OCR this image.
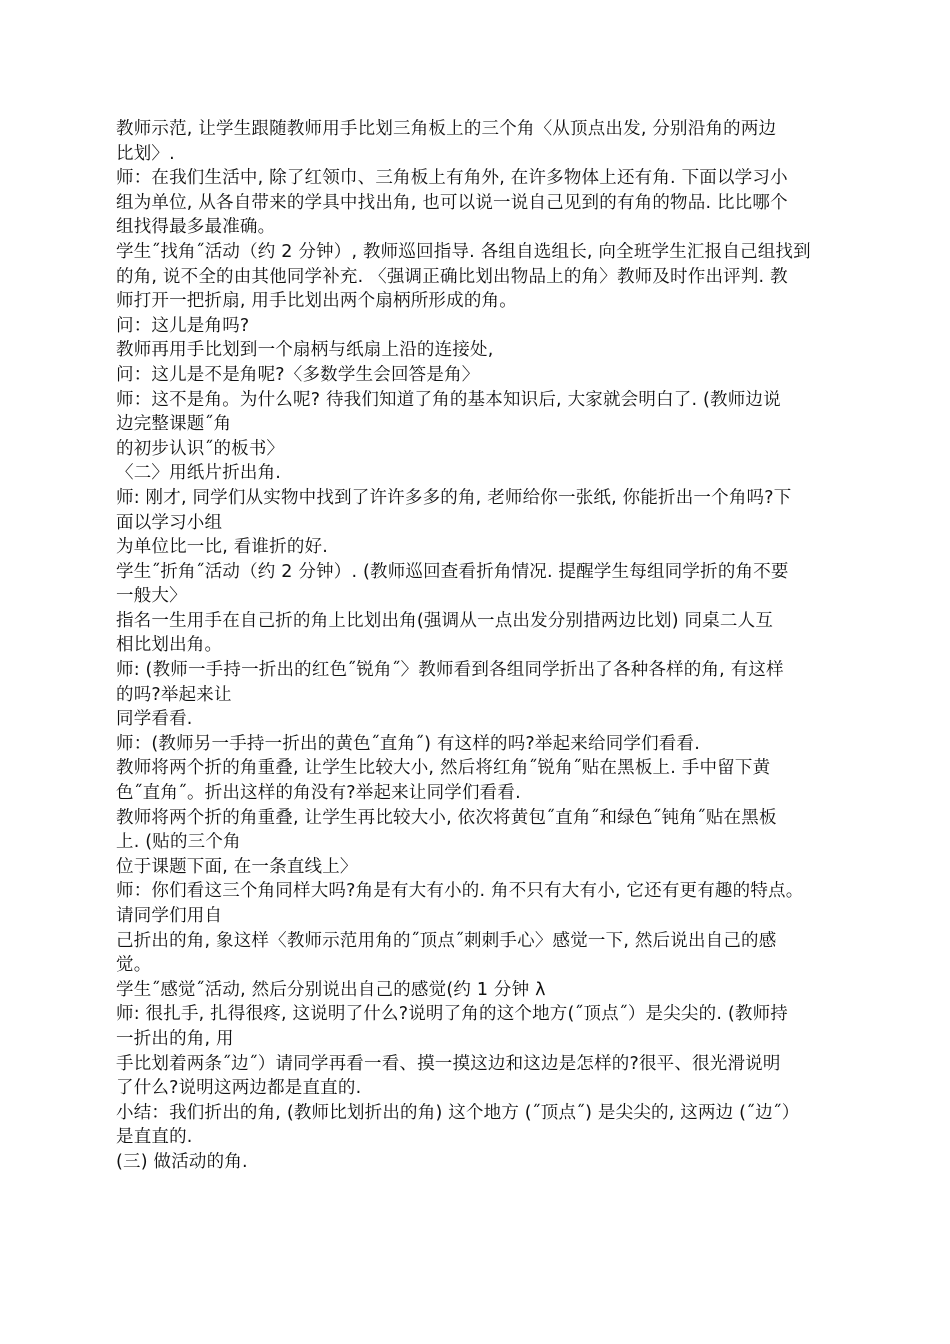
教师示范, 让学生跟随教师用手比划三角板上的三个角〈从顶点出发, 分别沿角的两边
比划〉.
师：在我们生活中, 除了红领巾、三角板上有角外, 在许多物体上还有角. 下面以学习小
组为单位, 从各自带来的学具中找出角, 也可以说一说自己见到的有角的物品. 比比哪个
组找得最多最准确。
学生˝找角˝活动（约 2 分钟）, 教师巡回指导. 各组自选组长, 向全班学生汇报自己组找到
的角, 说不全的由其他同学补充. 〈强调正确比划出物品上的角〉教师及时作出评判. 教
师打开一把折扇, 用手比划出两个扇柄所形成的角。
问：这儿是角吗?
教师再用手比划到一个扇柄与纸扇上沿的连接处,
问：这儿是不是角呢?〈多数学生会回答是角〉
师：这不是角。为什么呢? 待我们知道了角的基本知识后, 大家就会明白了. (教师边说
边完整课题˝角
的初步认识˝的板书〉
〈二〉用纸片折出角.
师: 刚才, 同学们从实物中找到了许许多多的角, 老师给你一张纸, 你能折出一个角吗?下
面以学习小组
为单位比一比, 看谁折的好.
学生˝折角˝活动（约 2 分钟）. (教师巡回查看折角情况. 提醒学生每组同学折的角不要
一般大〉
指名一生用手在自己折的角上比划出角(强调从一点出发分别措两边比划) 同桌二人互
相比划出角。
师: (教师一手持一折出的红色˝锐角˝〉教师看到各组同学折出了各种各样的角, 有这样
的吗?举起来让
同学看看.
师：(教师另一手持一折出的黄色˝直角˝) 有这样的吗?举起来给同学们看看.
教师将两个折的角重叠, 让学生比较大小, 然后将红角˝锐角˝贴在黑板上. 手中留下黄
色˝直角˝。折出这样的角没有?举起来让同学们看看.
教师将两个折的角重叠, 让学生再比较大小, 依次将黄包˝直角˝和绿色˝钝角˝贴在黑板
上. (贴的三个角
位于课题下面, 在一条直线上〉
师：你们看这三个角同样大吗?角是有大有小的. 角不只有大有小, 它还有更有趣的特点。
请同学们用自
己折出的角, 象这样〈教师示范用角的˝顶点˝刺刺手心〉感觉一下, 然后说出自己的感
觉。
学生˝感觉˝活动, 然后分别说出自己的感觉(约 1 分钟 λ
师: 很扎手, 扎得很疼, 这说明了什么?说明了角的这个地方(˝顶点˝）是尖尖的. (教师持
一折出的角, 用
手比划着两条˝边˝）请同学再看一看、摸一摸这边和这边是怎样的?很平、很光滑说明
了什么?说明这两边都是直直的.
小结：我们折出的角, (教师比划折出的角) 这个地方 (˝顶点˝) 是尖尖的, 这两边 (˝边˝）
是直直的.
(三) 做活动的角.
